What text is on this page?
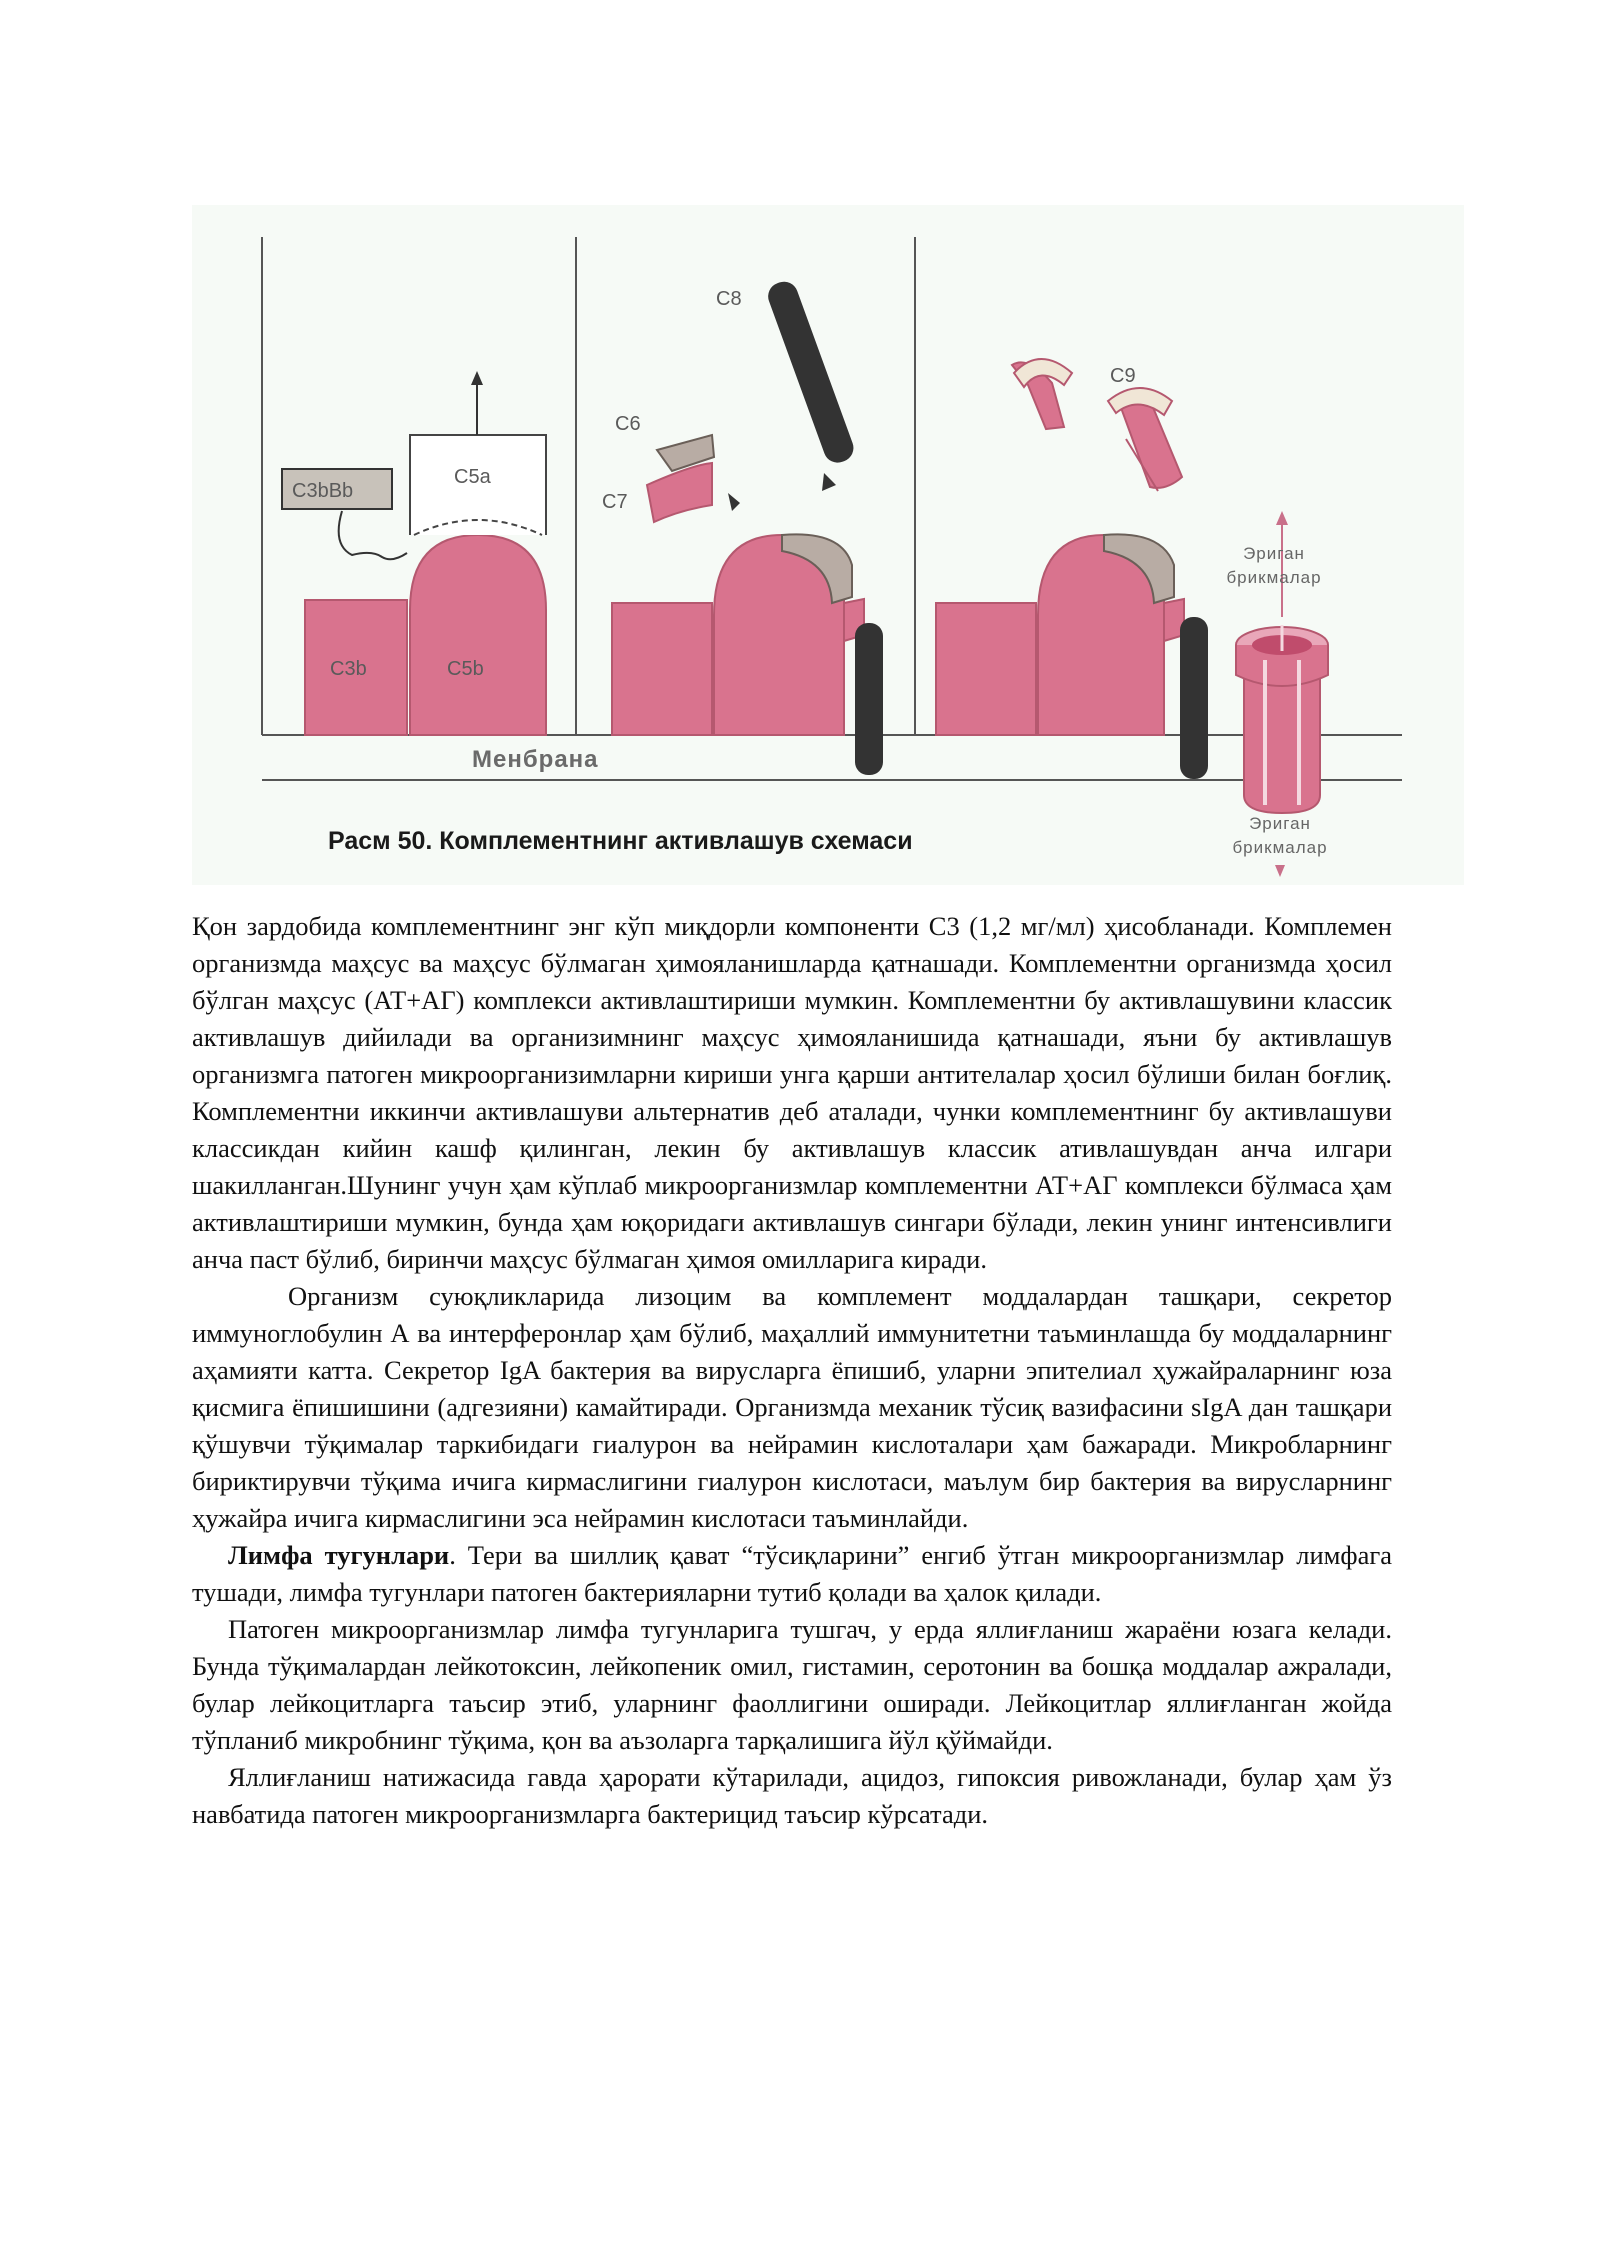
Менбрана
C3b	C5b
C5a
C3bBb
C6
C7
C8
C9
Эриган
брикмалар
Эриган
брикмалар
Расм 50. Комплементнинг активлашув схемаси

Қон зардобида комплементнинг энг кўп миқдорли компоненти С3 (1,2 мг/мл) ҳисобланади. Комплемен организмда маҳсус ва маҳсус бўлмаган ҳимояланишларда қатнашади. Комплементни организмда ҳосил бўлган маҳсус (АТ+АГ) комплекси активлаштириши мумкин. Комплементни бу активлашувини классик активлашув дийилади ва организимнинг маҳсус ҳимояланишида қатнашади, яъни бу активлашув организмга патоген микроорганизимларни кириши унга қарши антителалар ҳосил бўлиши билан боғлиқ. Комплементни иккинчи активлашуви альтернатив деб аталади, чунки комплементнинг бу активлашуви классикдан кийин кашф қилинган, лекин бу активлашув классик ативлашувдан анча илгари шакилланган.Шунинг учун ҳам кўплаб микроорганизмлар комплементни АТ+АГ комплекси бўлмаса ҳам активлаштириши мумкин, бунда ҳам юқоридаги активлашув сингари бўлади, лекин унинг интенсивлиги анча паст бўлиб, биринчи маҳсус бўлмаган ҳимоя омилларига киради.

Организм суюқликларида лизоцим ва комплемент моддалардан ташқари, секретор иммуноглобулин А ва интерферонлар ҳам бўлиб, маҳаллий иммунитетни таъминлашда бу моддаларнинг аҳамияти катта. Секретор IgA бактерия ва вирусларга ёпишиб, уларни эпителиал ҳужайраларнинг юза қисмига ёпишишини (адгезияни) камайтиради. Организмда механик тўсиқ вазифасини sIgA дан ташқари қўшувчи тўқималар таркибидаги гиалурон ва нейрамин кислоталари ҳам бажаради. Микробларнинг бириктирувчи тўқима ичига кирмаслигини гиалурон кислотаси, маълум бир бактерия ва вирусларнинг ҳужайра ичига кирмаслигини эса нейрамин кислотаси таъминлайди.

Лимфа тугунлари. Тери ва шиллиқ қават “тўсиқларини” енгиб ўтган микроорганизмлар лимфага тушади, лимфа тугунлари патоген бактерияларни тутиб қолади ва ҳалок қилади.

Патоген микроорганизмлар лимфа тугунларига тушгач, у ерда яллиғланиш жараёни юзага келади. Бунда тўқималардан лейкотоксин, лейкопеник омил, гистамин, серотонин ва бошқа моддалар ажралади, булар лейкоцитларга таъсир этиб, уларнинг фаоллигини оширади. Лейкоцитлар яллиғланган жойда тўпланиб микробнинг тўқима, қон ва аъзоларга тарқалишига йўл қўймайди.

Яллиғланиш натижасида гавда ҳарорати кўтарилади, ацидоз, гипоксия ривожланади, булар ҳам ўз навбатида патоген микроорганизмларга бактерицид таъсир кўрсатади.
